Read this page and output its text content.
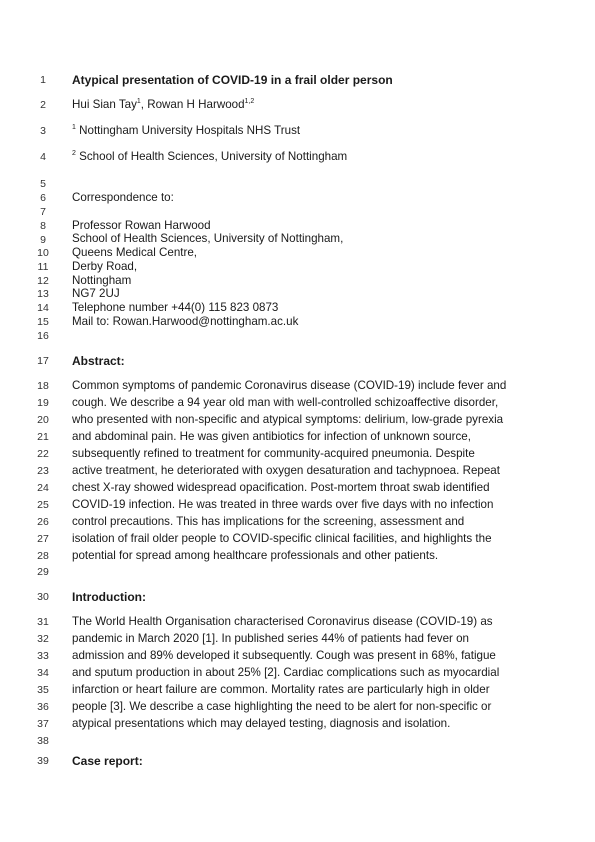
1
2
3
4
5
6
7
8
9
10
11
12
13
14
15
16
17
18
19
20
21
22
23
24
25
26
27
28
29
30
31
32
33
34
35
36
37
38
39
Atypical presentation of COVID-19 in a frail older person
Hui Sian Tay$^1$, Rowan H Harwood$^{1,2}$
$^1$ Nottingham University Hospitals NHS Trust
$^2$ School of Health Sciences, University of Nottingham
Correspondence to:
Professor Rowan Harwood
School of Health Sciences, University of Nottingham,
Queens Medical Centre,
Derby Road,
Nottingham
NG7 2UJ
Telephone number +44(0) 115 823 0873
Mail to: Rowan.Harwood@nottingham.ac.uk
Abstract:
Common symptoms of pandemic Coronavirus disease (COVID-19) include fever and
cough. We describe a 94 year old man with well-controlled schizoaffective disorder,
who presented with non-specific and atypical symptoms: delirium, low-grade pyrexia
and abdominal pain. He was given antibiotics for infection of unknown source,
subsequently refined to treatment for community-acquired pneumonia. Despite
active treatment, he deteriorated with oxygen desaturation and tachypnoea. Repeat
chest X-ray showed widespread opacification. Post-mortem throat swab identified
COVID-19 infection. He was treated in three wards over five days with no infection
control precautions. This has implications for the screening, assessment and
isolation of frail older people to COVID-specific clinical facilities, and highlights the
potential for spread among healthcare professionals and other patients.
Introduction:
The World Health Organisation characterised Coronavirus disease (COVID-19) as
pandemic in March 2020 [1]. In published series 44% of patients had fever on
admission and 89% developed it subsequently. Cough was present in 68%, fatigue
and sputum production in about 25% [2]. Cardiac complications such as myocardial
infarction or heart failure are common. Mortality rates are particularly high in older
people [3]. We describe a case highlighting the need to be alert for non-specific or
atypical presentations which may delayed testing, diagnosis and isolation.
Case report:
